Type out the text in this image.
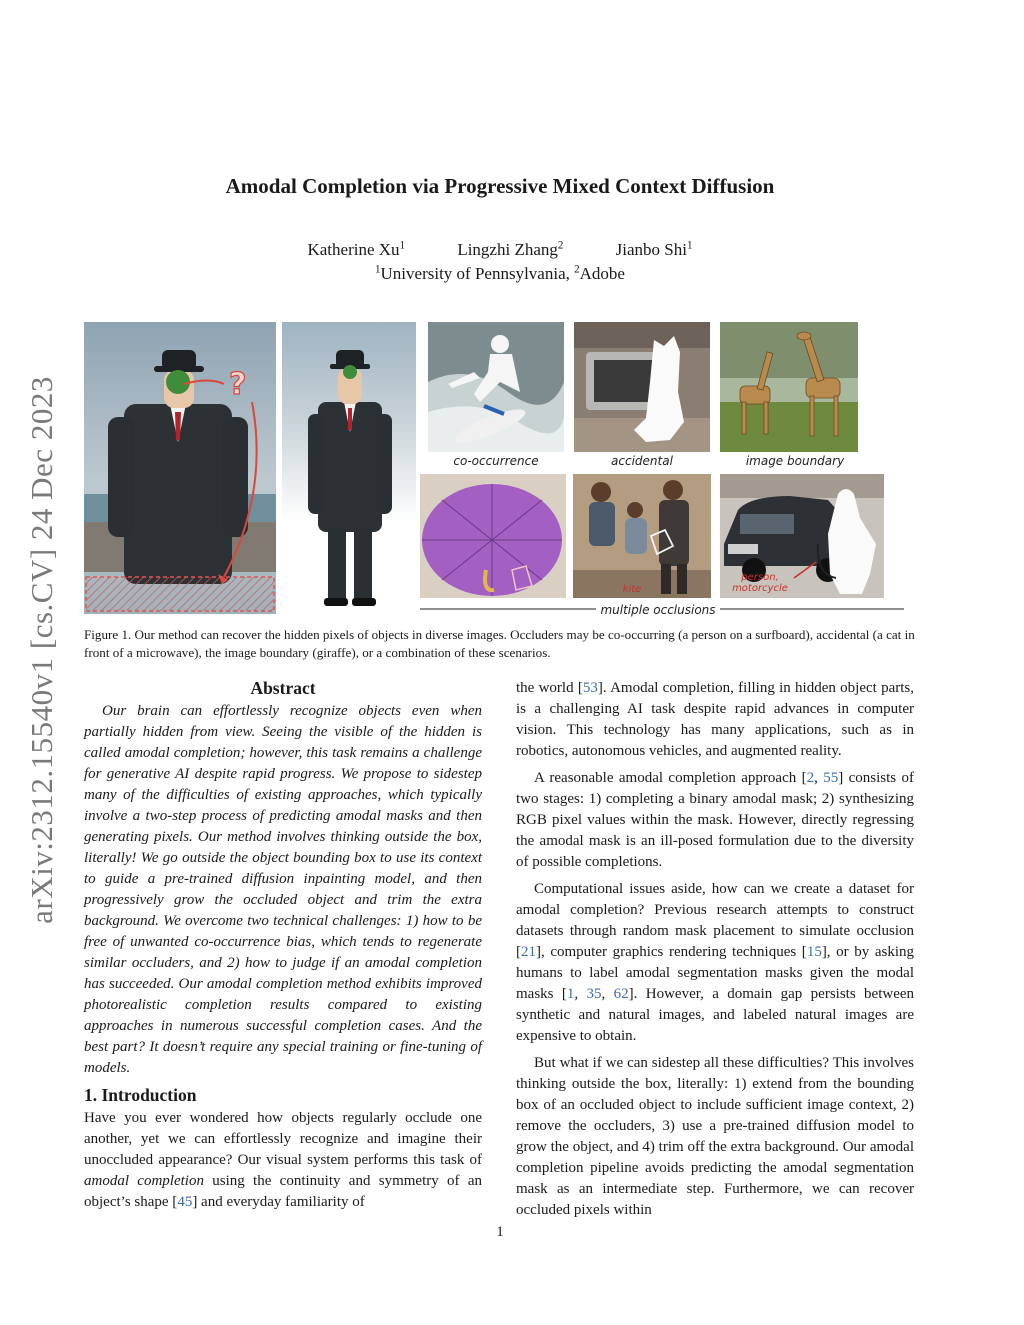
arXiv:2312.15540v1 [cs.CV] 24 Dec 2023
Amodal Completion via Progressive Mixed Context Diffusion
Katherine Xu$^1$	Lingzhi Zhang$^2$	Jianbo Shi$^1$
$^1$University of Pennsylvania, $^2$Adobe
?
co-occurrence	accidental	image boundary
kite
person,
motorcycle
multiple occlusions
Figure 1. Our method can recover the hidden pixels of objects in diverse images. Occluders may be co-occurring (a person on a surfboard), accidental (a cat in front of a microwave), the image boundary (giraffe), or a combination of these scenarios.
Abstract

Our brain can effortlessly recognize objects even when partially hidden from view. Seeing the visible of the hidden is called amodal completion; however, this task remains a challenge for generative AI despite rapid progress. We propose to sidestep many of the difficulties of existing approaches, which typically involve a two-step process of predicting amodal masks and then generating pixels. Our method involves thinking outside the box, literally! We go outside the object bounding box to use its context to guide a pre-trained diffusion inpainting model, and then progressively grow the occluded object and trim the extra background. We overcome two technical challenges: 1) how to be free of unwanted co-occurrence bias, which tends to regenerate similar occluders, and 2) how to judge if an amodal completion has succeeded. Our amodal completion method exhibits improved photorealistic completion results compared to existing approaches in numerous successful completion cases. And the best part? It doesn’t require any special training or fine-tuning of models.

1. Introduction

Have you ever wondered how objects regularly occlude one another, yet we can effortlessly recognize and imagine their unoccluded appearance? Our visual system performs this task of amodal completion using the continuity and symmetry of an object’s shape [45] and everyday familiarity of

the world [53]. Amodal completion, filling in hidden object parts, is a challenging AI task despite rapid advances in computer vision. This technology has many applications, such as in robotics, autonomous vehicles, and augmented reality.

A reasonable amodal completion approach [2, 55] consists of two stages: 1) completing a binary amodal mask; 2) synthesizing RGB pixel values within the mask. However, directly regressing the amodal mask is an ill-posed formulation due to the diversity of possible completions.

Computational issues aside, how can we create a dataset for amodal completion? Previous research attempts to construct datasets through random mask placement to simulate occlusion [21], computer graphics rendering techniques [15], or by asking humans to label amodal segmentation masks given the modal masks [1, 35, 62]. However, a domain gap persists between synthetic and natural images, and labeled natural images are expensive to obtain.

But what if we can sidestep all these difficulties? This involves thinking outside the box, literally: 1) extend from the bounding box of an occluded object to include sufficient image context, 2) remove the occluders, 3) use a pre-trained diffusion model to grow the object, and 4) trim off the extra background. Our amodal completion pipeline avoids predicting the amodal segmentation mask as an intermediate step. Furthermore, we can recover occluded pixels within

1
